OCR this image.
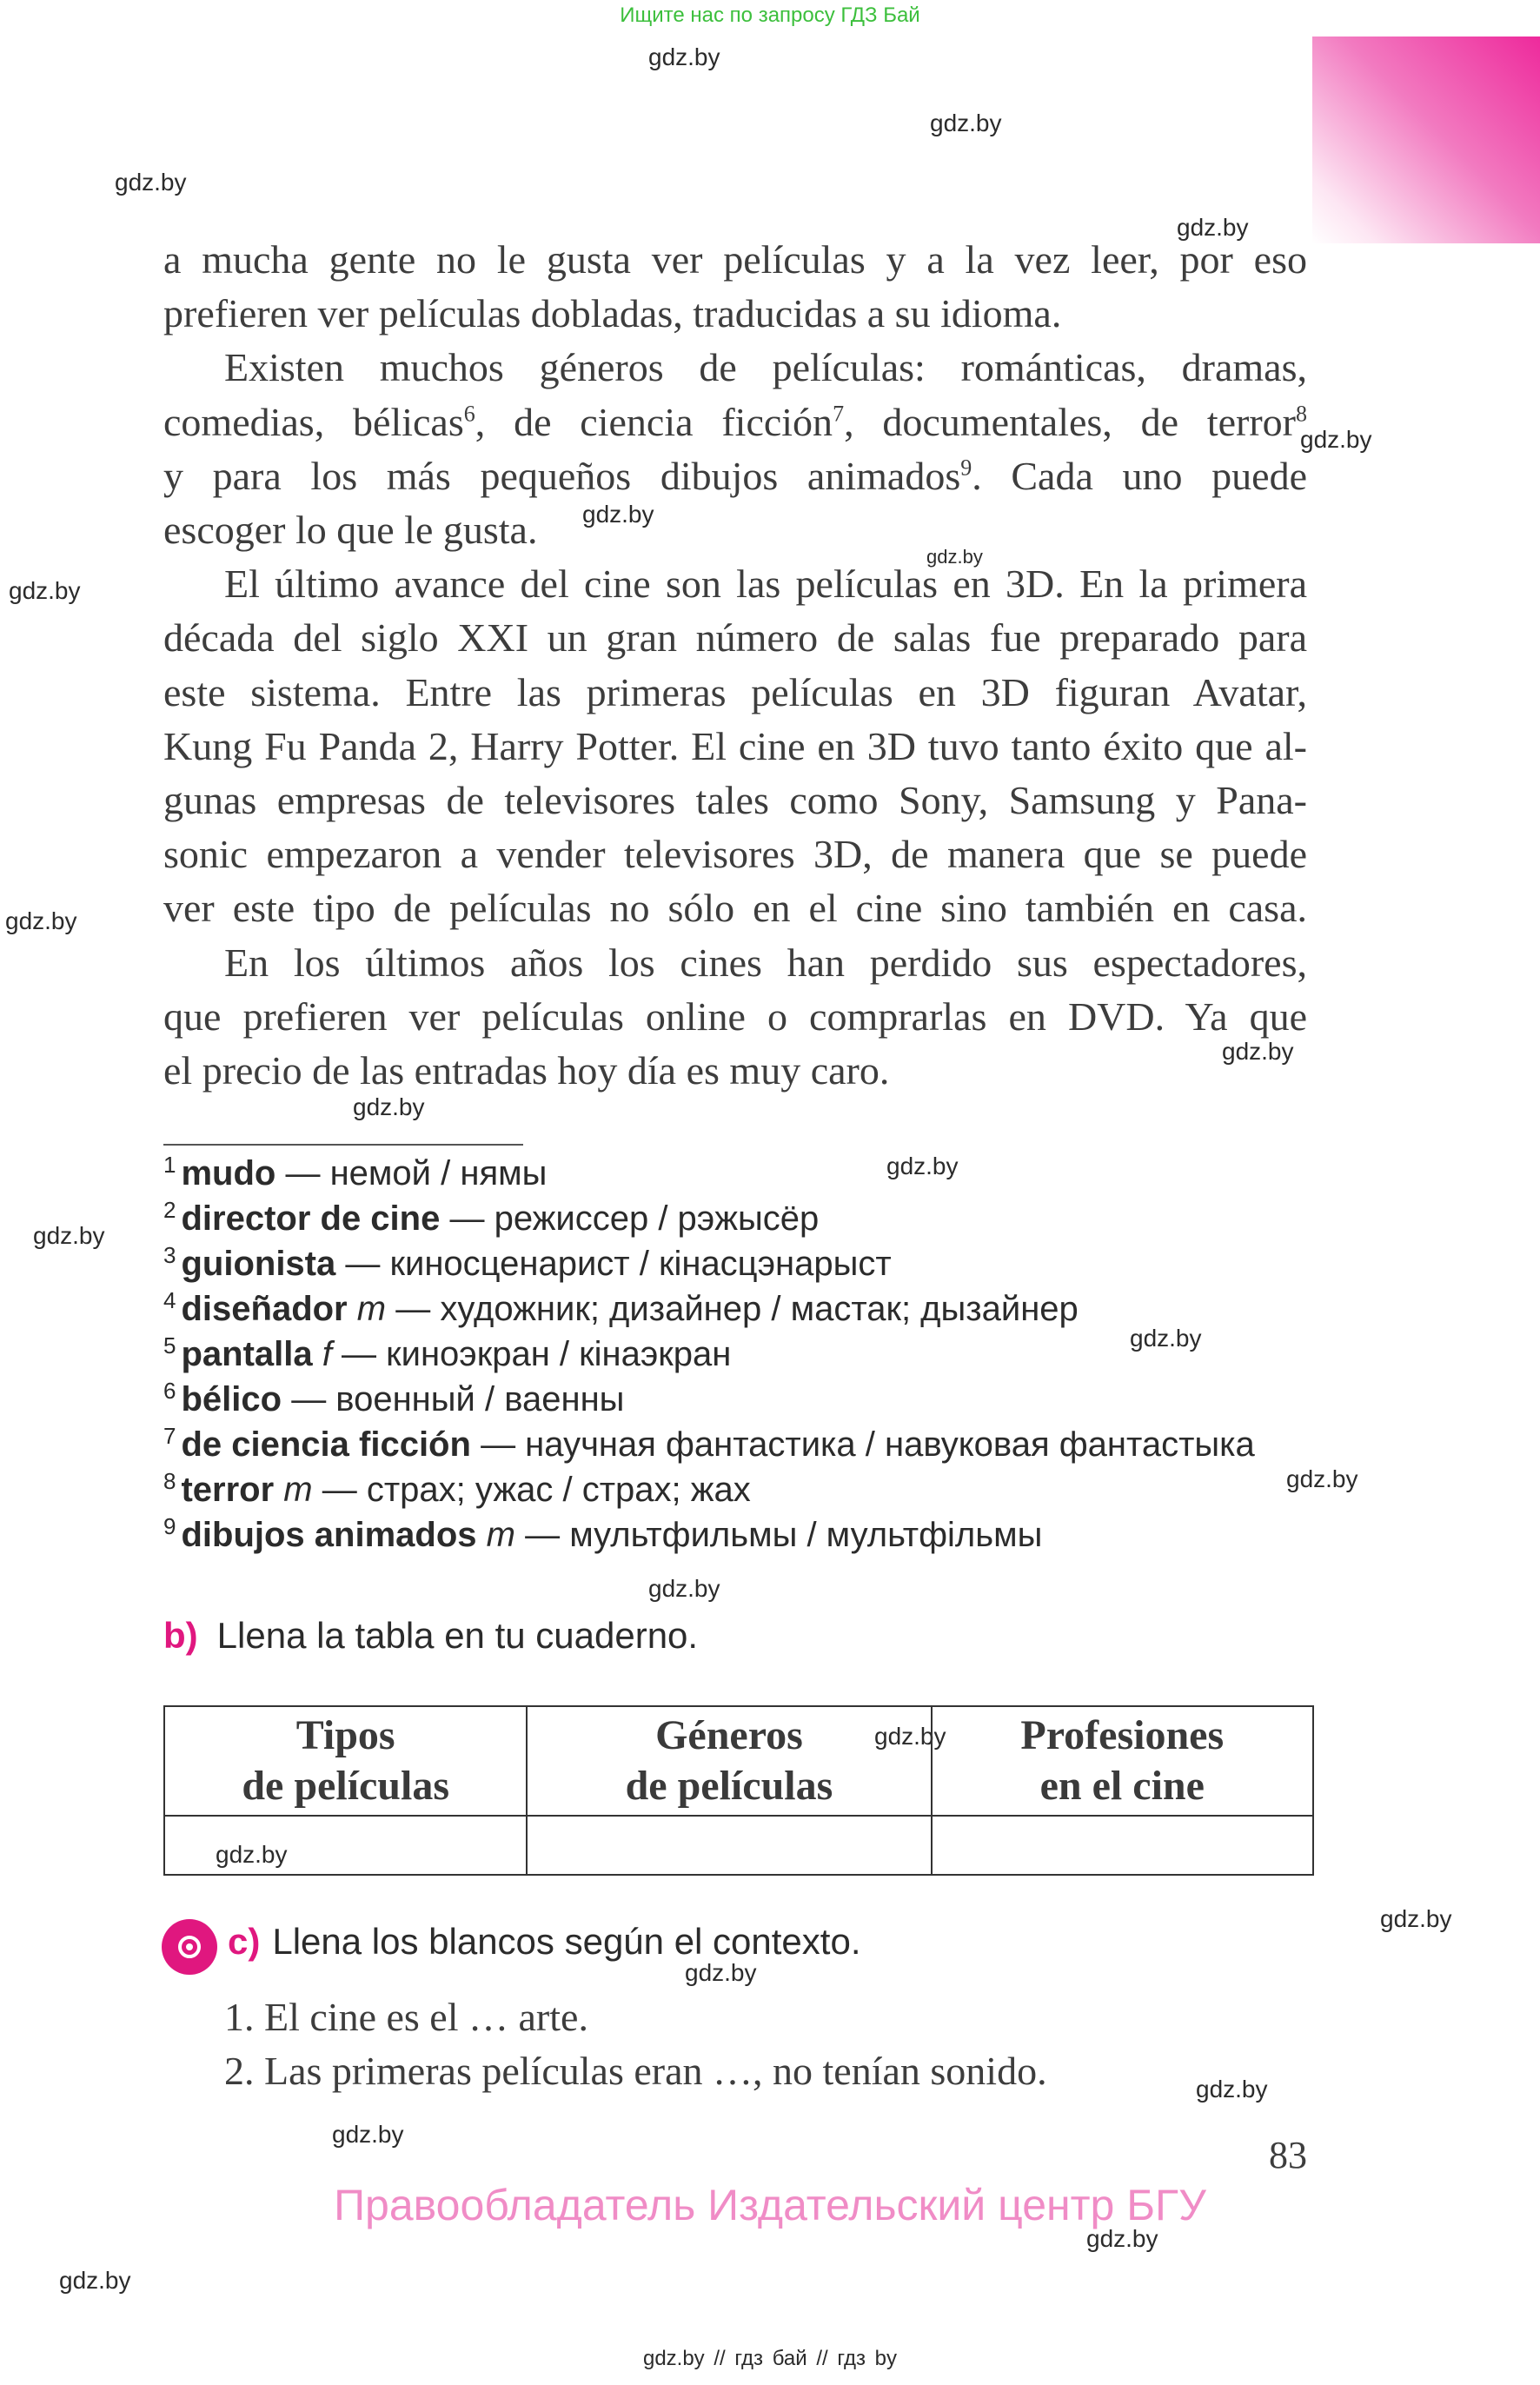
Ищите нас по запросу ГДЗ Бай
gdz.by
gdz.by
gdz.by
gdz.by
gdz.by
gdz.by
gdz.by
gdz.by
gdz.by
gdz.by
gdz.by
gdz.by
gdz.by
gdz.by
gdz.by
gdz.by
gdz.by
gdz.by
gdz.by
gdz.by
gdz.by
gdz.by
gdz.by
gdz.by
a mucha gente no le gusta ver películas y a la vez leer, por eso
prefieren ver películas dobladas, traducidas a su idioma.
Existen muchos géneros de películas: románticas, dramas,
comedias, bélicas$^6$, de ciencia ficción$^7$, documentales, de terror$^8$
y para los más pequeños dibujos animados$^9$. Cada uno puede
escoger lo que le gusta.
El último avance del cine son las películas en 3D. En la primera
década del siglo XXI un gran número de salas fue preparado para
este sistema. Entre las primeras películas en 3D figuran Avatar,
Kung Fu Panda 2, Harry Potter. El cine en 3D tuvo tanto éxito que al-
gunas empresas de televisores tales como Sony, Samsung y Pana-
sonic empezaron a vender televisores 3D, de manera que se puede
ver este tipo de películas no sólo en el cine sino también en casa.
En los últimos años los cines han perdido sus espectadores,
que prefieren ver películas online o comprarlas en DVD. Ya que
el precio de las entradas hoy día es muy caro.
$^1$ mudo — немой / нямы
$^2$ director de cine — режиссер / рэжысёр
$^3$ guionista — киносценарист / кінасцэнарыст
$^4$ diseñador m — художник; дизайнер / мастак; дызайнер
$^5$ pantalla f — киноэкран / кінаэкран
$^6$ bélico — военный / ваенны
$^7$ de ciencia ficción — научная фантастика / навуковая фантастыка
$^8$ terror m — страх; ужас / страх; жах
$^9$ dibujos animados m — мультфильмы / мультфільмы
b) Llena la tabla en tu cuaderno.
Tipos
de películas	Géneros
de películas	Profesiones
en el cine

c) Llena los blancos según el contexto.
1. El cine es el … arte.
2. Las primeras películas eran …, no tenían sonido.
83
Правообладатель Издательский центр БГУ
gdz.by // гдз бай // гдз by
